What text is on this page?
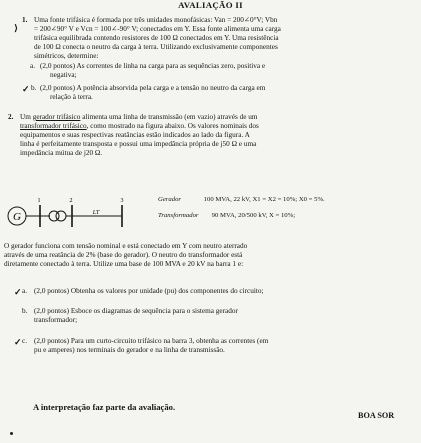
AVALIAÇÃO II
⟩
1. Uma fonte trifásica é formada por três unidades monofásicas: Van = 200∠0°V; Vbn
= 200∠90° V e Vcn = 100∠-90° V; conectados em Y. Essa fonte alimenta uma carga
trifásica equilibrada contendo resistores de 100 Ω conectados em Y. Uma resistência
de 100 Ω conecta o neutro da carga à terra. Utilizando exclusivamente componentes
simétricos, determine:
a. (2,0 pontos) As correntes de linha na carga para as sequências zero, positiva e
negativa;
✓ b. (2,0 pontos) A potência absorvida pela carga e a tensão no neutro da carga em
relação à terra.
2. Um gerador trifásico alimenta uma linha de transmissão (em vazio) através de um
transformador trifásico, como mostrado na figura abaixo. Os valores nominais dos
equipamentos e suas respectivas reatâncias estão indicados ao lado da figura. A
linha é perfeitamente transposta e possui uma impedância própria de j50 Ω e uma
impedância mútua de j20 Ω.
G
1	2
LT
3	Gerador	100 MVA, 22 kV, X1 = X2 = 10%; X0 = 5%.
Transformador 90 MVA, 20/500 kV, X = 10%;
O gerador funciona com tensão nominal e está conectado em Y com neutro aterrado
através de uma reatância de 2% (base do gerador). O neutro do transformador está
diretamente conectado à terra. Utilize uma base de 100 MVA e 20 kV na barra 1 e:
✓ a. (2,0 pontos) Obtenha os valores por unidade (pu) dos componentes do circuito;
b. (2,0 pontos) Esboce os diagramas de sequência para o sistema gerador
transformador;
✓ c. (2,0 pontos) Para um curto-circuito trifásico na barra 3, obtenha as correntes (em
pu e amperes) nos terminais do gerador e na linha de transmissão.
A interpretação faz parte da avaliação.
BOA SOR
